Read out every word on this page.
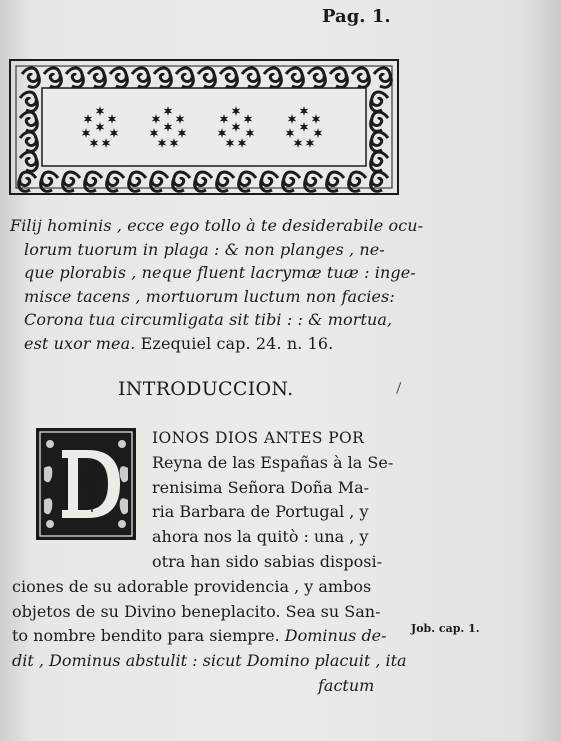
Pag. 1.
Filij hominis , ecce ego tollo à te desiderabile ocu-
lorum tuorum in plaga : & non planges , ne-
que plorabis , neque fluent lacrymæ tuæ : inge-
misce tacens , mortuorum luctum non facies:
Corona tua circumligata sit tibi : : & mortua,
est uxor mea. Ezequiel cap. 24. n. 16.
INTRODUCCION.
IONOS DIOS ANTES POR
Reyna de las Españas à la Se-
renisima Señora Doña Ma-
ria Barbara de Portugal , y
ahora nos la quitò : una , y
otra han sido sabias disposi-
ciones de su adorable providencia , y ambos
objetos de su Divino beneplacito. Sea su San-
to nombre bendito para siempre. Dominus de-
dit , Dominus abstulit : sicut Domino placuit , ita
factum
Job. cap. 1.
